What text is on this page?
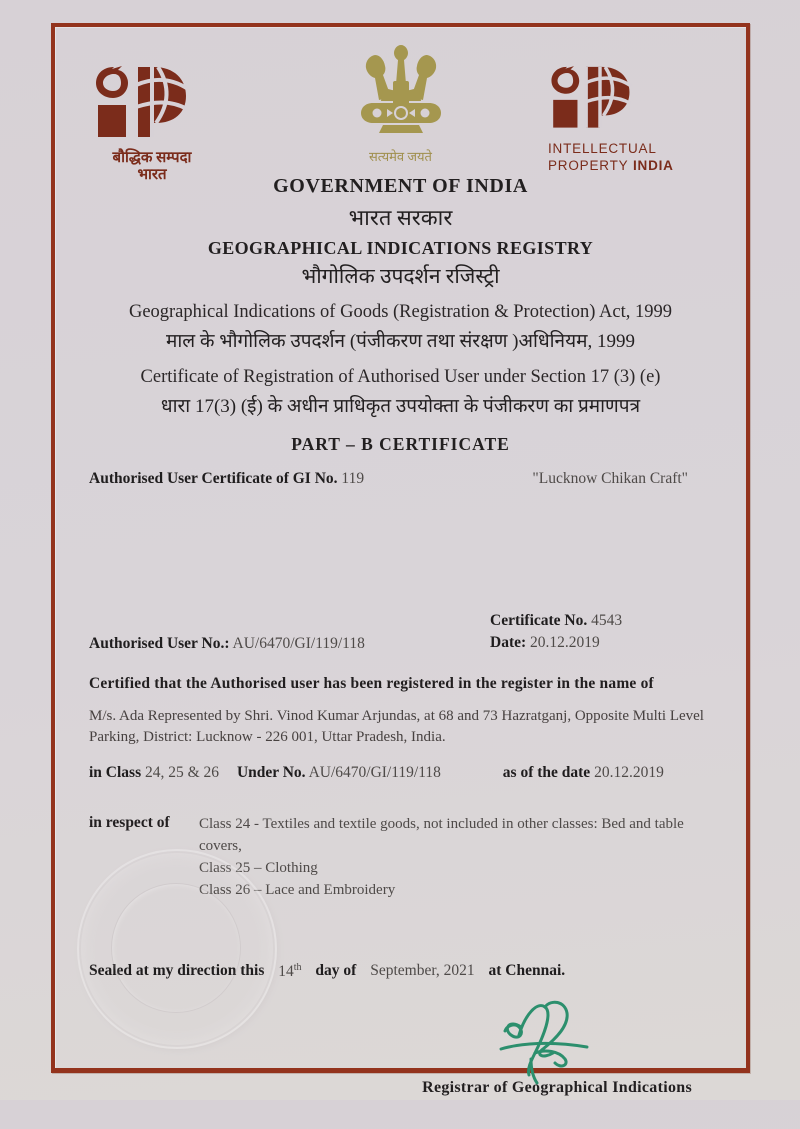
बौद्धिक सम्पदा
भारत
सत्यमेव जयते
INTELLECTUAL
PROPERTY INDIA
GOVERNMENT OF INDIA
भारत सरकार
GEOGRAPHICAL INDICATIONS REGISTRY
भौगोलिक उपदर्शन रजिस्ट्री
Geographical Indications of Goods (Registration & Protection) Act, 1999
माल के भौगोलिक उपदर्शन (पंजीकरण तथा संरक्षण )अधिनियम, 1999
Certificate of Registration of Authorised User under Section 17 (3) (e)
धारा 17(3) (ई) के अधीन प्राधिकृत उपयोक्ता के पंजीकरण का प्रमाणपत्र
PART – B CERTIFICATE
Authorised User Certificate of GI No. 119	"Lucknow Chikan Craft"
Authorised User No.: AU/6470/GI/119/118
Certificate No. 4543
Date: 20.12.2019
Certified that the Authorised user has been registered in the register in the name of
M/s. Ada Represented by Shri. Vinod Kumar Arjundas, at 68 and 73 Hazratganj, Opposite Multi Level Parking, District: Lucknow - 226 001, Uttar Pradesh, India.
in Class 24, 25 & 26 Under No. AU/6470/GI/119/118	as of the date 20.12.2019
in respect of	Class 24 - Textiles and textile goods, not included in other classes: Bed and table covers,
Class 25 – Clothing
Class 26 – Lace and Embroidery
Sealed at my direction this 14th day of September, 2021 at Chennai.
Registrar of Geographical Indications
